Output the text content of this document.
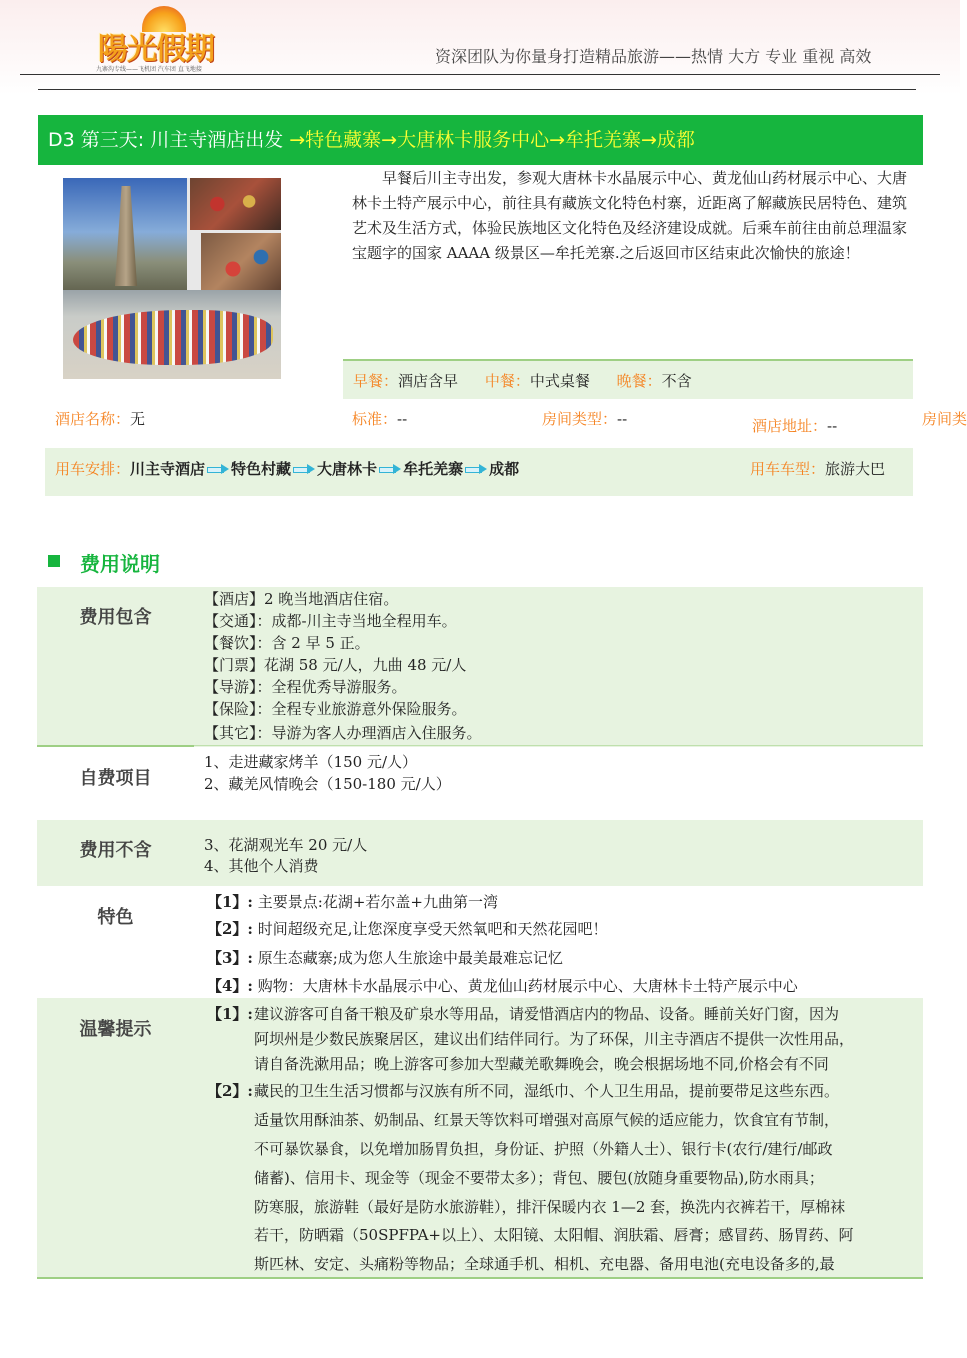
陽光假期
九寨沟专线——飞机团 汽车团 直飞地接
资深团队为你量身打造精品旅游——热情 大方 专业 重视 高效
D3 第三天: 川主寺酒店出发 →特色藏寨→大唐林卡服务中心→牟托羌寨→成都
早餐后川主寺出发，参观大唐林卡水晶展示中心、黄龙仙山药材展示中心、大唐林卡土特产展示中心，前往具有藏族文化特色村寨，近距离了解藏族民居特色、建筑艺术及生活方式，体验民族地区文化特色及经济建设成就。后乘车前往由前总理温家宝题字的国家 AAAA 级景区—牟托羌寨.之后返回市区结束此次愉快的旅途！
早餐：酒店含早 中餐：中式桌餐 晚餐：不含
酒店名称：无	标准：--	房间类型：--	酒店地址：--	房间类
用车安排：川主寺酒店 特色村藏 大唐林卡 牟托羌寨 成都	用车车型：旅游大巴
费用说明
费用包含
【酒店】2 晚当地酒店住宿。
【交通】：成都-川主寺当地全程用车。
【餐饮】：含 2 早 5 正。
【门票】花湖 58 元/人，九曲 48 元/人
【导游】：全程优秀导游服务。
【保险】：全程专业旅游意外保险服务。
【其它】：导游为客人办理酒店入住服务。
自费项目
1、走进藏家烤羊（150 元/人）
2、藏羌风情晚会（150-180 元/人）
费用不含	3、花湖观光车 20 元/人
4、其他个人消费
特色
【1】: 主要景点:花湖+若尔盖+九曲第一湾
【2】: 时间超级充足,让您深度享受天然氧吧和天然花园吧！
【3】: 原生态藏寨;成为您人生旅途中最美最难忘记忆
【4】: 购物：大唐林卡水晶展示中心、黄龙仙山药材展示中心、大唐林卡土特产展示中心
温馨提示
【1】: 建议游客可自备干粮及矿泉水等用品，请爱惜酒店内的物品、设备。睡前关好门窗，因为
阿坝州是少数民族聚居区，建议出们结伴同行。为了环保，川主寺酒店不提供一次性用品，
请自备洗漱用品；晚上游客可参加大型藏羌歌舞晚会，晚会根据场地不同,价格会有不同
【2】: 藏民的卫生生活习惯都与汉族有所不同，湿纸巾、个人卫生用品，提前要带足这些东西。
适量饮用酥油茶、奶制品、红景天等饮料可增强对高原气候的适应能力，饮食宜有节制，
不可暴饮暴食，以免增加肠胃负担，身份证、护照（外籍人士）、银行卡(农行/建行/邮政
储蓄)、信用卡、现金等（现金不要带太多）；背包、腰包(放随身重要物品),防水雨具；
防寒服，旅游鞋（最好是防水旅游鞋），排汗保暖内衣 1—2 套，换洗内衣裤若干，厚棉袜
若干，防晒霜（50SPFPA+以上）、太阳镜、太阳帽、润肤霜、唇膏；感冒药、肠胃药、阿
斯匹林、安定、头痛粉等物品；全球通手机、相机、充电器、备用电池(充电设备多的,最
